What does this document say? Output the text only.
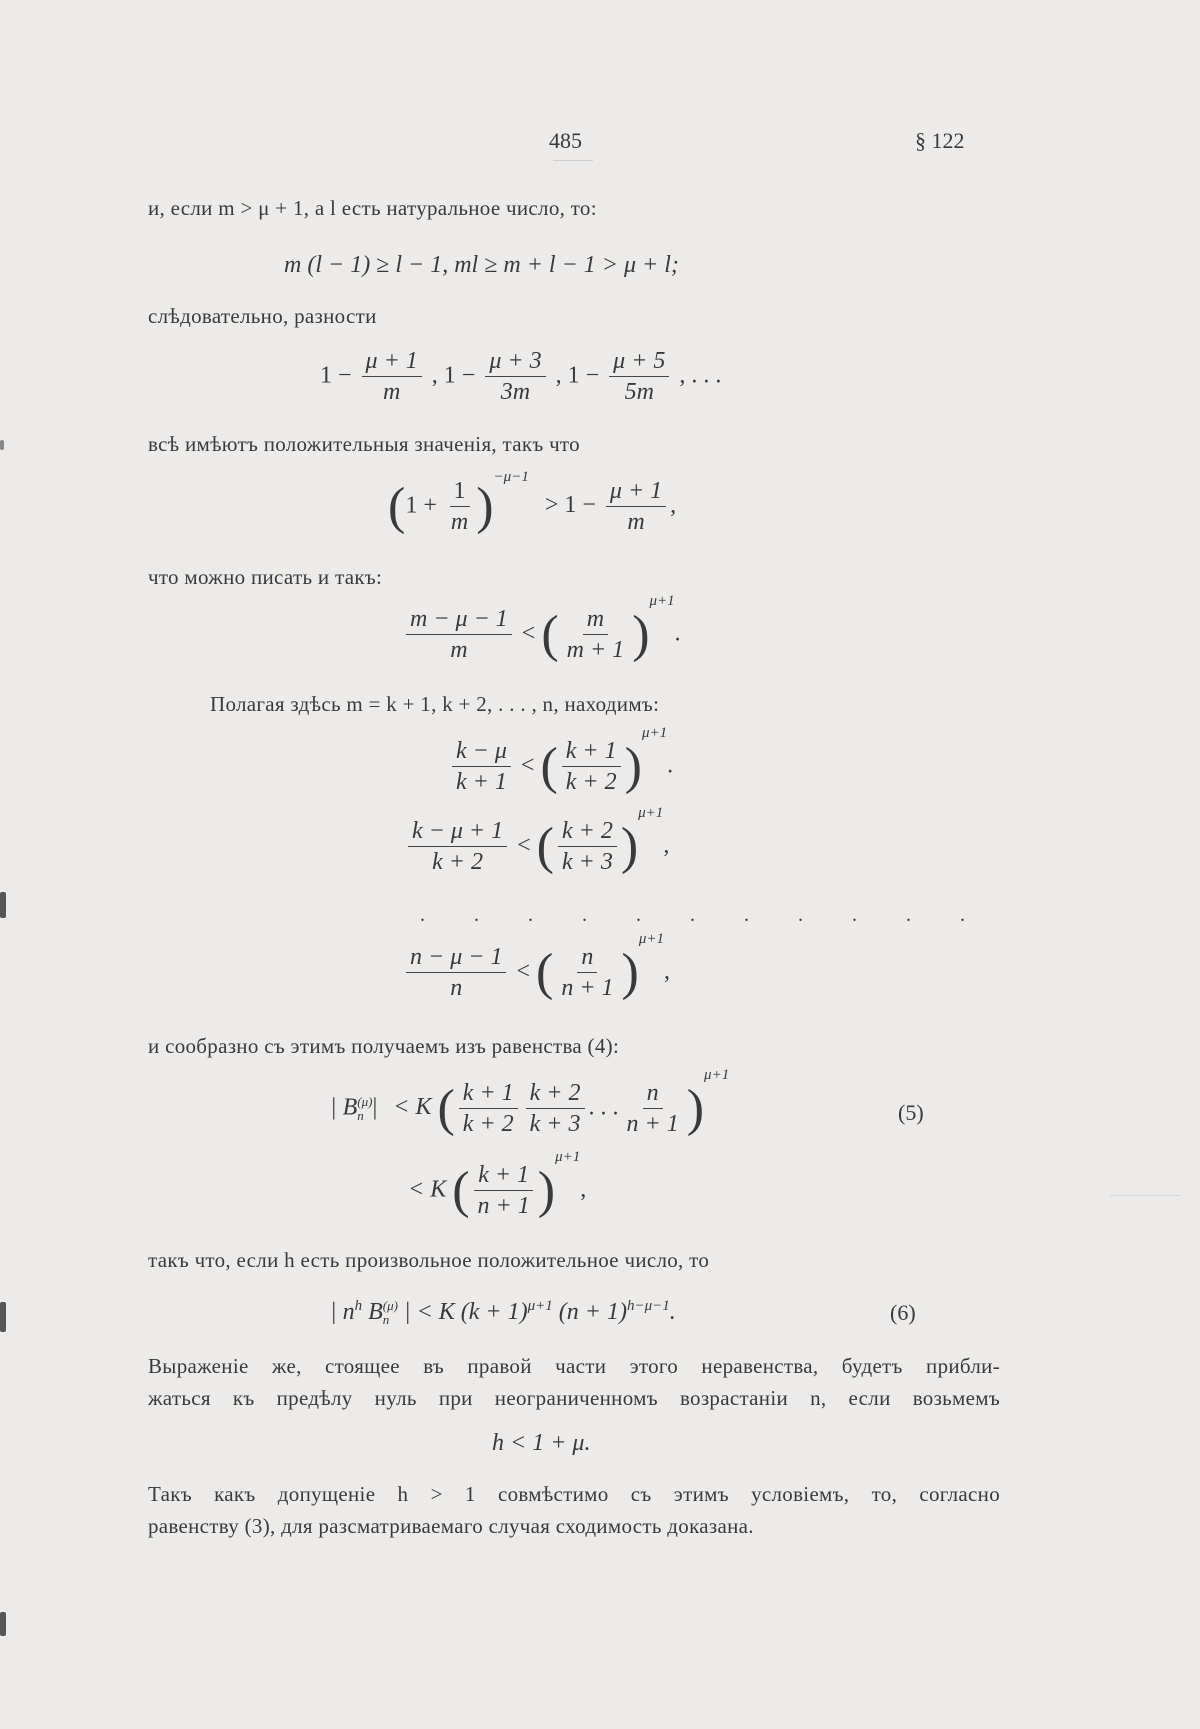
485	§ 122
и, если m > μ + 1, а l есть натуральное число, то:
m (l − 1) ≥ l − 1, ml ≥ m + l − 1 > μ + l;
слѣдовательно, разности
$1 - \frac{\mu + 1}{m}$ , $1 - \frac{\mu + 3}{3m}$ , $1 - \frac{\mu + 5}{5m}$ , . . .
всѣ имѣютъ положительныя значенія, такъ что
$(1 + \frac{1}{m} )^{-\mu-1} > 1 - \frac{\mu + 1}{m}$ ,
что можно писать и такъ:
$\frac{m - \mu - 1}{m}$ < ( $\frac{m}{m + 1} )^{\mu+1}$.
Полагая здѣсь m = k + 1, k + 2, . . . , n, находимъ:
$\frac{k - \mu}{k + 1}$ < ( $\frac{k + 1}{k + 2} )^{\mu+1}$.
$\frac{k - \mu + 1}{k + 2}$ < ( $\frac{k + 2}{k + 3} )^{\mu+1}$,
. . . . . . . . . . .
$\frac{n - \mu - 1}{n}$ < ( $\frac{n}{n + 1} )^{\mu+1}$,
и сообразно съ этимъ получаемъ изъ равенства (4):
| B (μ)
n | < K ( $\frac{k + 1}{k + 2} \frac{k + 2}{k + 3}$ . . . $\frac{n}{n + 1} )^{\mu+1}$
(5)
< K ( $\frac{k + 1}{n + 1} )^{\mu+1}$,
такъ что, если h есть произвольное положительное число, то
| $n^h$ B (μ)
n | < K $(k + 1)^{\mu+1}$ $(n + 1)^{h-\mu-1}$.	(6)
Выраженіе же, стоящее въ правой части этого неравенства, будетъ прибли-
жаться къ предѣлу нуль при неограниченномъ возрастаніи n, если возьмемъ
h < 1 + μ.
Такъ какъ допущеніе h > 1 совмѣстимо съ этимъ условіемъ, то, согласно
равенству (3), для разсматриваемаго случая сходимость доказана.
